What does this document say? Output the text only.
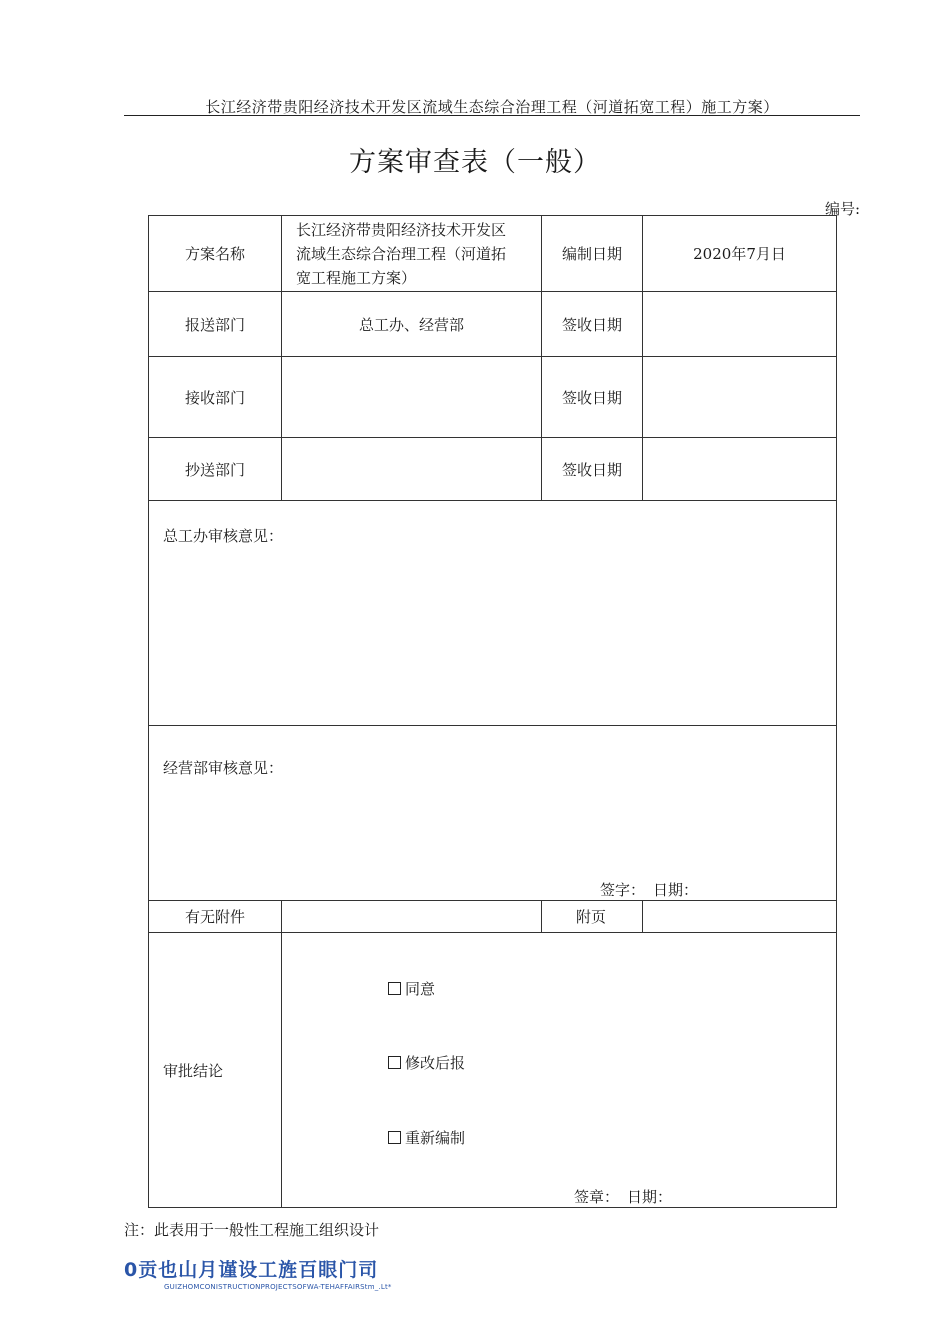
长江经济带贵阳经济技术开发区流域生态综合治理工程（河道拓宽工程）施工方案）
方案审查表（一般）
编号:
方案名称	长江经济带贵阳经济技术开发区
流域生态综合治理工程（河道拓
宽工程施工方案）	编制日期	2020年7月日
报送部门	总工办、经营部	签收日期	
接收部门		签收日期	
抄送部门		签收日期	

总工办审核意见：			

经营部审核意见：
签字： 日期：			

有无附件		附页	
审批结论	同意
修改后报
重新编制
签章： 日期：		
注：此表用于一般性工程施工组织设计
0贡也山月谨设工旌百眼门司
GUIZHOMCONISTRUCTIONPROJECTSOFWA-TEHAFFAIRStm_.Lt*
